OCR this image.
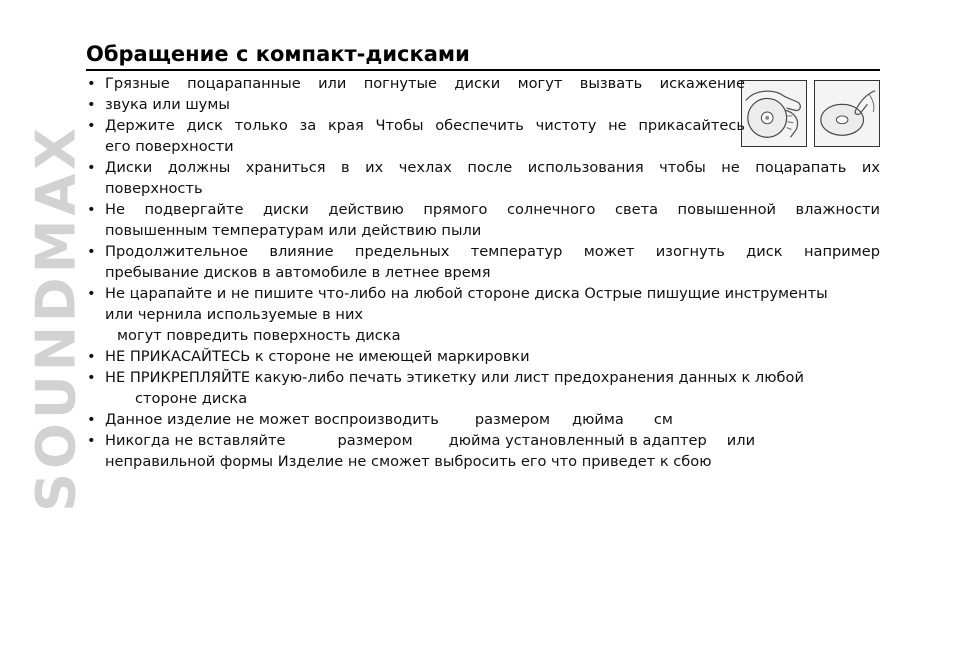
SOUNDMAX
Обращение с компакт-дисками
• Грязные поцарапанные или погнутые диски могут вызвать искажение
• звука или шумы
• Держите диск только за края Чтобы обеспечить чистоту не прикасайтесь
его поверхности
• Диски должны храниться в их чехлах после использования чтобы не поцарапать их
поверхность
• Не подвергайте диски действию прямого солнечного света повышенной влажности
повышенным температурам или действию пыли
• Продолжительное влияние предельных температур может изогнуть диск например
пребывание дисков в автомобиле в летнее время
• Не царапайте и не пишите что-либо на любой стороне диска Острые пишущие инструменты
или чернила используемые в них
могут повредить поверхность диска
• НЕ ПРИКАСАЙТЕСЬ к стороне не имеющей маркировки
• НЕ ПРИКРЕПЛЯЙТЕ какую-либо печать этикетку или лист предохранения данных к любой
стороне диска
• Данное изделие не может воспроизводить размером дюйма см
• Никогда не вставляйте	размером дюйма установленный в адаптер или
неправильной формы Изделие не сможет выбросить его что приведет к сбою
